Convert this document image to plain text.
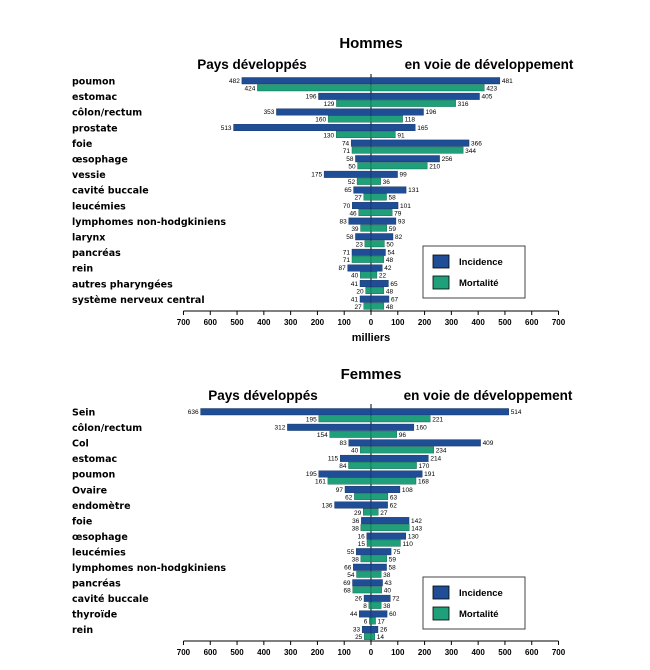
Hommes
Pays développés	en voie de développement
milliers
700 600 500 400 300 200 100 0 100 200 300 400 500 600 700
poumon	482
424
481
423
estomac	196
129
405
316
côlon/rectum	353
160
196
118
prostate	513
130
165
91
foie	74
71
366
344
œsophage	58
50
256
210
vessie	175
52
99
36
cavité buccale	65
27
131
58
leucémies	70
46
101
79
lymphomes non-hodgkiniens	83
39
93
59
larynx	58
23
82
50
pancréas	71
71
54
48
rein	87
40
42
22
autres pharyngées	41
20
65
48
système nerveux central	41
27
67
48
Incidence
Mortalité
Femmes
Pays développés	en voie de développement
700 600 500 400 300 200 100 0 100 200 300 400 500 600 700
Sein	636
195
514
221
côlon/rectum	312
154
160
96
Col	83
40
409
234
estomac	115
84
214
170
poumon	195
161
191
168
Ovaire	97
62
108
63
endomètre	136
29
62
27
foie	36
38
142
143
œsophage	16
15
130
110
leucémies	55
38
75
59
lymphomes non-hodgkiniens	66
54
58
38
pancréas	69
68
43
40
cavité buccale	26
8
72
38
thyroïde	44
6
60
17
rein	33
25
26
14
Incidence
Mortalité
